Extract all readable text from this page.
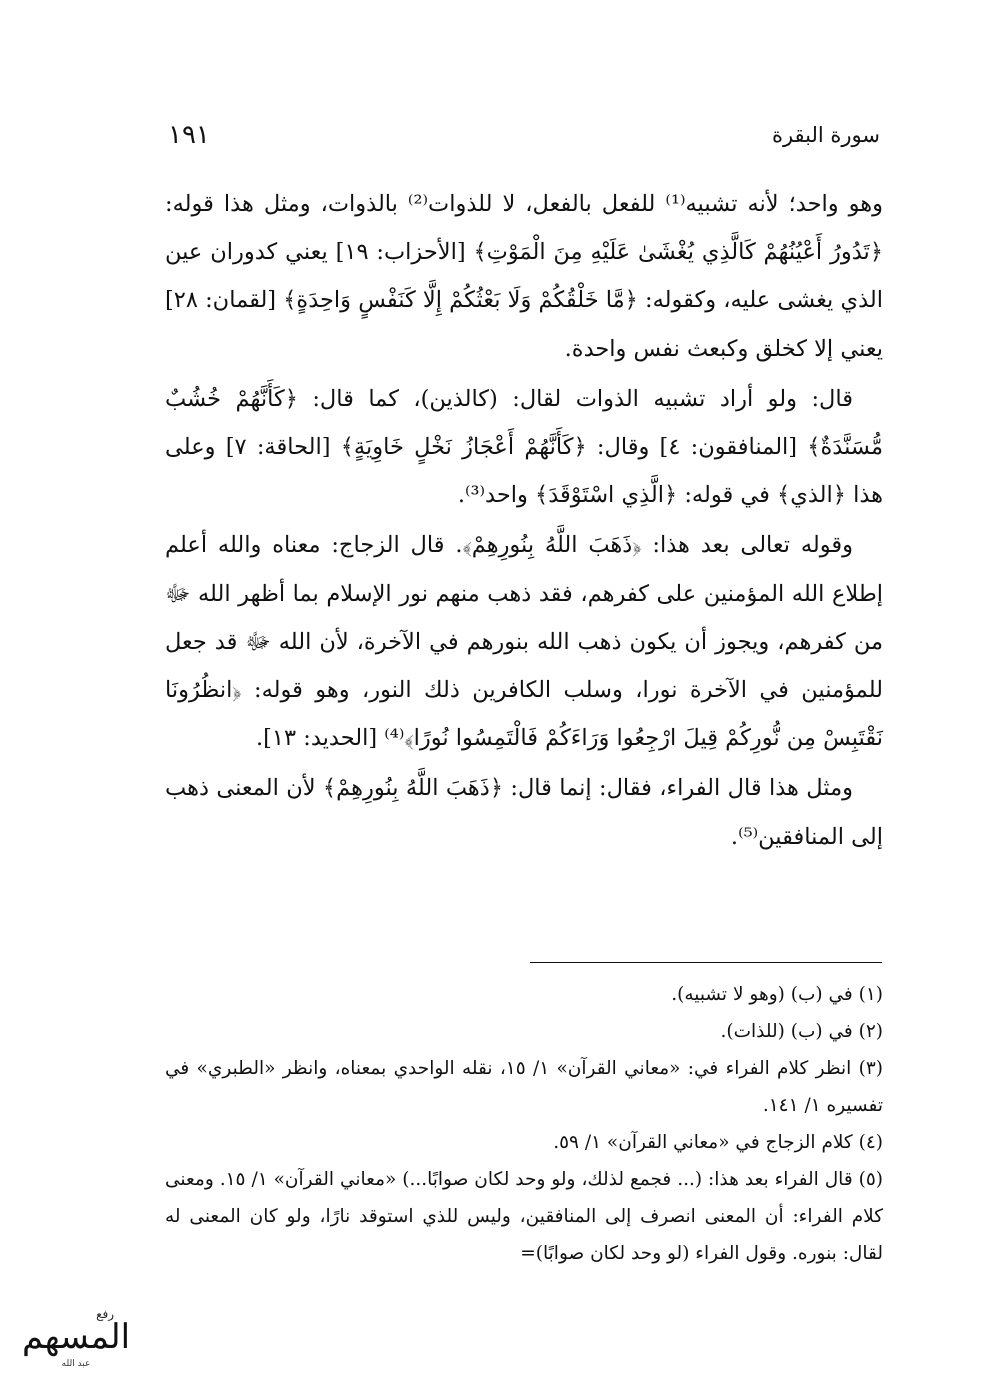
سورة البقرة
١٩١

وهو واحد؛ لأنه تشبيه⁽¹⁾ للفعل بالفعل، لا للذوات⁽²⁾ بالذوات، ومثل هذا قوله: ﴿تَدُورُ أَعْيُنُهُمْ كَالَّذِي يُغْشَىٰ عَلَيْهِ مِنَ الْمَوْتِ﴾ [الأحزاب: ١٩] يعني كدوران عين الذي يغشى عليه، وكقوله: ﴿مَّا خَلْقُكُمْ وَلَا بَعْثُكُمْ إِلَّا كَنَفْسٍ وَاحِدَةٍ﴾ [لقمان: ٢٨] يعني إلا كخلق وكبعث نفس واحدة.

قال: ولو أراد تشبيه الذوات لقال: (كالذين)، كما قال: ﴿كَأَنَّهُمْ خُشُبٌ مُّسَنَّدَةٌ﴾ [المنافقون: ٤] وقال: ﴿كَأَنَّهُمْ أَعْجَازُ نَخْلٍ خَاوِيَةٍ﴾ [الحاقة: ٧] وعلى هذا ﴿الذي﴾ في قوله: ﴿الَّذِي اسْتَوْقَدَ﴾ واحد⁽³⁾.

وقوله تعالى بعد هذا: ﴿ذَهَبَ اللَّهُ بِنُورِهِمْ﴾. قال الزجاج: معناه والله أعلم إطلاع الله المؤمنين على كفرهم، فقد ذهب منهم نور الإسلام بما أظهر الله ﷻ من كفرهم، ويجوز أن يكون ذهب الله بنورهم في الآخرة، لأن الله ﷻ قد جعل للمؤمنين في الآخرة نورا، وسلب الكافرين ذلك النور، وهو قوله: ﴿انظُرُونَا نَقْتَبِسْ مِن نُّورِكُمْ قِيلَ ارْجِعُوا وَرَاءَكُمْ فَالْتَمِسُوا نُورًا﴾⁽⁴⁾ [الحديد: ١٣].

ومثل هذا قال الفراء، فقال: إنما قال: ﴿ذَهَبَ اللَّهُ بِنُورِهِمْ﴾ لأن المعنى ذهب إلى المنافقين⁽⁵⁾.

(١) في (ب) (وهو لا تشبيه).

(٢) في (ب) (للذات).

(٣) انظر كلام الفراء في: «معاني القرآن» ١/ ١٥، نقله الواحدي بمعناه، وانظر «الطبري» في تفسيره ١/ ١٤١.

(٤) كلام الزجاج في «معاني القرآن» ١/ ٥٩.

(٥) قال الفراء بعد هذا: (... فجمع لذلك، ولو وحد لكان صوابًا...) «معاني القرآن» ١/ ١٥. ومعنى كلام الفراء: أن المعنى انصرف إلى المنافقين، وليس للذي استوقد نارًا، ولو كان المعنى له لقال: بنوره. وقول الفراء (لو وحد لكان صوابًا)=

رفع
المسهم
عبد الله
